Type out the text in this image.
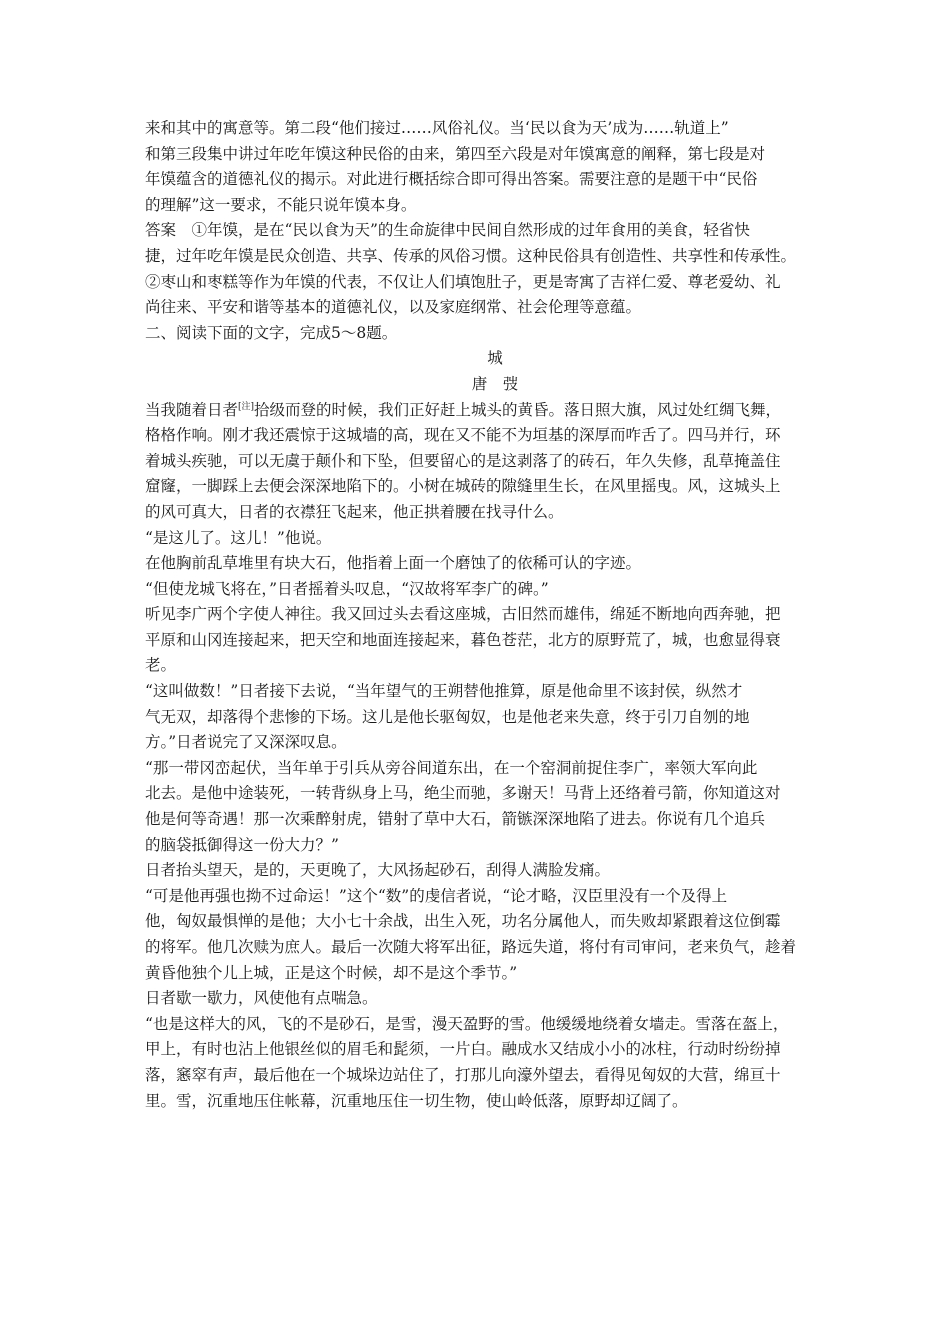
来和其中的寓意等。第二段“他们接过……风俗礼仪。当‘民以食为天’成为……轨道上”
和第三段集中讲过年吃年馍这种民俗的由来，第四至六段是对年馍寓意的阐释，第七段是对
年馍蕴含的道德礼仪的揭示。对此进行概括综合即可得出答案。需要注意的是题干中“民俗
的理解”这一要求，不能只说年馍本身。
答案 ①年馍，是在“民以食为天”的生命旋律中民间自然形成的过年食用的美食，轻省快
捷，过年吃年馍是民众创造、共享、传承的风俗习惯。这种民俗具有创造性、共享性和传承性。
②枣山和枣糕等作为年馍的代表，不仅让人们填饱肚子，更是寄寓了吉祥仁爱、尊老爱幼、礼
尚往来、平安和谐等基本的道德礼仪，以及家庭纲常、社会伦理等意蕴。
二、阅读下面的文字，完成5～8题。
城
唐 弢
当我随着日者[注]拾级而登的时候，我们正好赶上城头的黄昏。落日照大旗，风过处红绸飞舞，
格格作响。刚才我还震惊于这城墙的高，现在又不能不为垣基的深厚而咋舌了。四马并行，环
着城头疾驰，可以无虞于颠仆和下坠，但要留心的是这剥落了的砖石，年久失修，乱草掩盖住
窟窿，一脚踩上去便会深深地陷下的。小树在城砖的隙缝里生长，在风里摇曳。风，这城头上
的风可真大，日者的衣襟狂飞起来，他正拱着腰在找寻什么。
“是这儿了。这儿！”他说。
在他胸前乱草堆里有块大石，他指着上面一个磨蚀了的依稀可认的字迹。
“但使龙城飞将在，”日者摇着头叹息，“汉故将军李广的碑。”
听见李广两个字使人神往。我又回过头去看这座城，古旧然而雄伟，绵延不断地向西奔驰，把
平原和山冈连接起来，把天空和地面连接起来，暮色苍茫，北方的原野荒了，城，也愈显得衰
老。
“这叫做数！”日者接下去说，“当年望气的王朔替他推算，原是他命里不该封侯，纵然才
气无双，却落得个悲惨的下场。这儿是他长驱匈奴，也是他老来失意，终于引刀自刎的地
方。”日者说完了又深深叹息。
“那一带冈峦起伏，当年单于引兵从旁谷间道东出，在一个窑洞前捉住李广，率领大军向此
北去。是他中途装死，一转背纵身上马，绝尘而驰，多谢天！马背上还络着弓箭，你知道这对
他是何等奇遇！那一次乘醉射虎，错射了草中大石，箭镞深深地陷了进去。你说有几个追兵
的脑袋抵御得这一份大力？”
日者抬头望天，是的，天更晚了，大风扬起砂石，刮得人满脸发痛。
“可是他再强也拗不过命运！”这个“数”的虔信者说，“论才略，汉臣里没有一个及得上
他，匈奴最惧惮的是他；大小七十余战，出生入死，功名分属他人，而失败却紧跟着这位倒霉
的将军。他几次赎为庶人。最后一次随大将军出征，路远失道，将付有司审问，老来负气，趁着
黄昏他独个儿上城，正是这个时候，却不是这个季节。”
日者歇一歇力，风使他有点喘急。
“也是这样大的风，飞的不是砂石，是雪，漫天盈野的雪。他缓缓地绕着女墙走。雪落在盔上，
甲上，有时也沾上他银丝似的眉毛和髭须，一片白。融成水又结成小小的冰柱，行动时纷纷掉
落，窸窣有声，最后他在一个城垛边站住了，打那儿向濠外望去，看得见匈奴的大营，绵亘十
里。雪，沉重地压住帐幕，沉重地压住一切生物，使山岭低落，原野却辽阔了。
